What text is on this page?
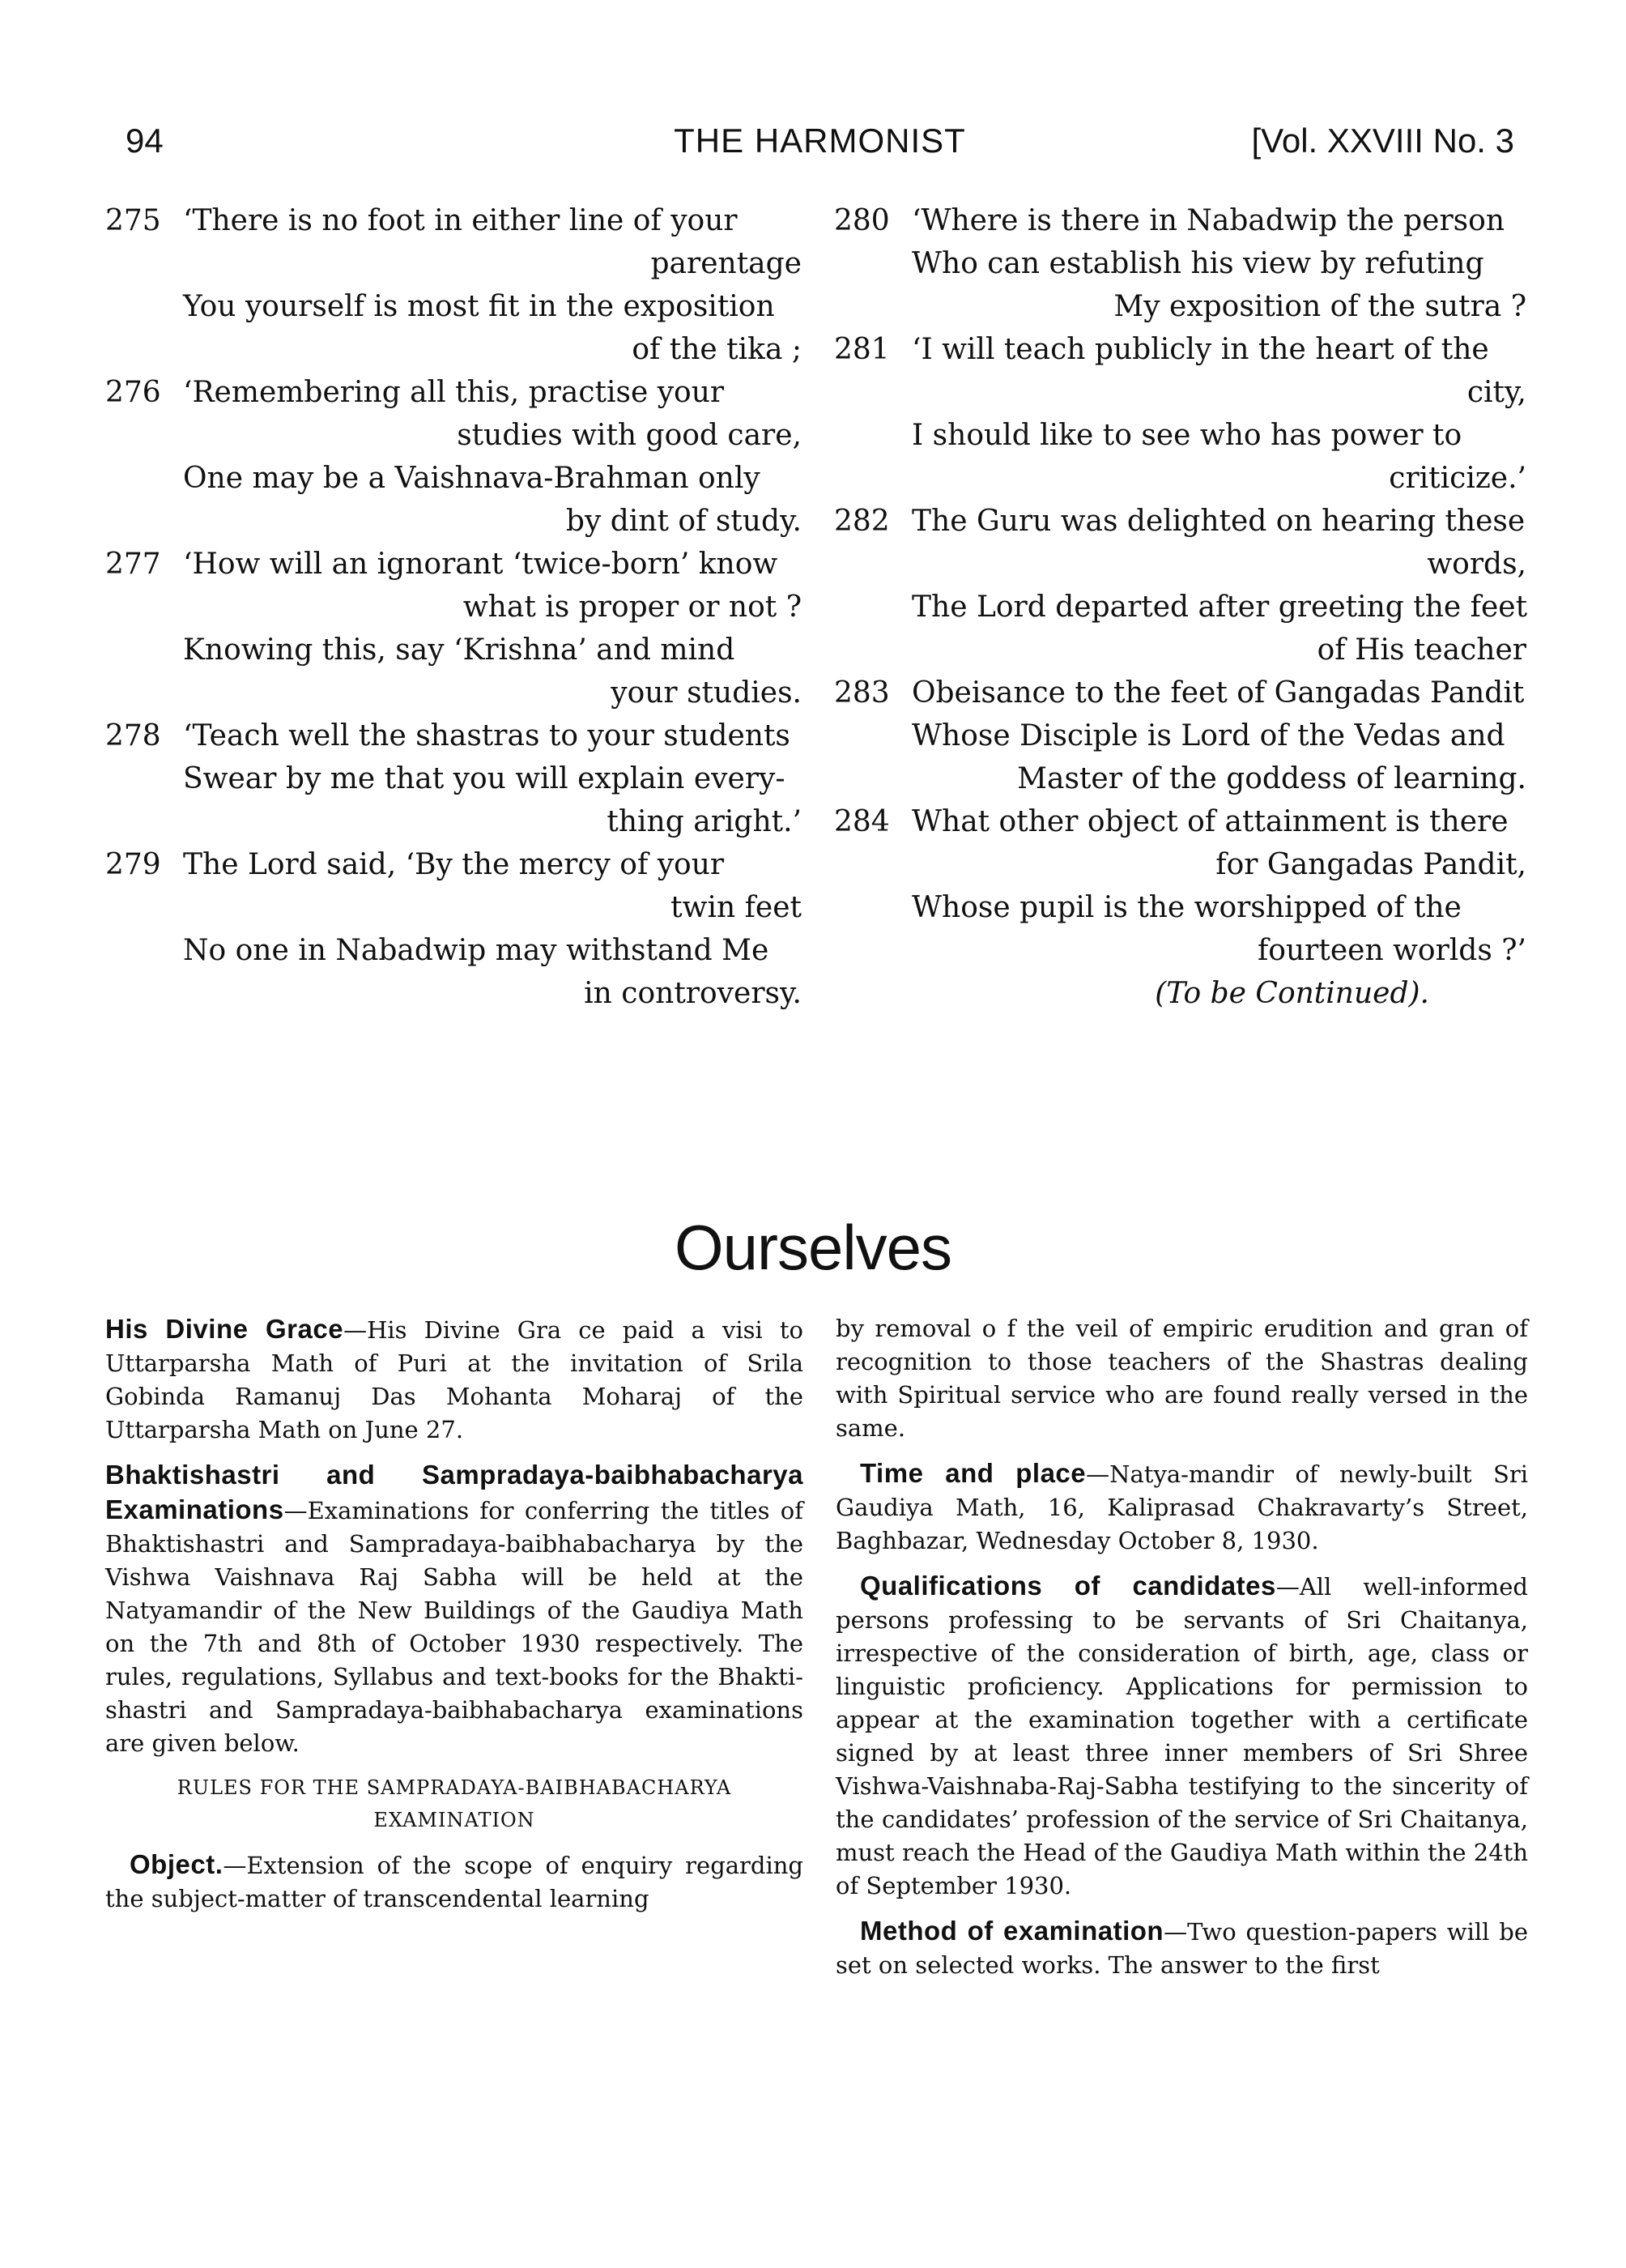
94	THE HARMONIST	[Vol. XXVIII No. 3
275 ‘There is no foot in either line of your
parentage
You yourself is most fit in the exposition
of the tika ;
276 ‘Remembering all this, practise your
studies with good care,
One may be a Vaishnava-Brahman only
by dint of study.
277 ‘How will an ignorant ‘twice-born’ know
what is proper or not ?
Knowing this, say ‘Krishna’ and mind
your studies.
278 ‘Teach well the shastras to your students
Swear by me that you will explain every-
thing aright.’
279 The Lord said, ‘By the mercy of your
twin feet
No one in Nabadwip may withstand Me
in controversy.
280 ‘Where is there in Nabadwip the person
Who can establish his view by refuting
My exposition of the sutra ?
281 ‘I will teach publicly in the heart of the
city,
I should like to see who has power to
criticize.’
282 The Guru was delighted on hearing these
words,
The Lord departed after greeting the feet
of His teacher
283 Obeisance to the feet of Gangadas Pandit
Whose Disciple is Lord of the Vedas and
Master of the goddess of learning.
284 What other object of attainment is there
for Gangadas Pandit,
Whose pupil is the worshipped of the
fourteen worlds ?’
(To be Continued).
Ourselves

His Divine Grace—His Divine Gra ce paid a visi to Uttarparsha Math of Puri at the invitation of Srila Gobinda Ramanuj Das Mohanta Moharaj of the Uttarparsha Math on June 27.

Bhaktishastri and Sampradaya-baibhabacharya Examinations—Examinations for conferring the titles of Bhaktishastri and Sampradaya-baibhabacharya by the Vishwa Vaishnava Raj Sabha will be held at the Natyamandir of the New Buildings of the Gaudiya Math on the 7th and 8th of October 1930 respectively. The rules, regulations, Syllabus and text-books for the Bhakti-shastri and Sampradaya-baibhabacharya examinations are given below.

RULES FOR THE SAMPRADAYA-BAIBHABACHARYA
EXAMINATION

Object.—Extension of the scope of enquiry regarding the subject-matter of transcendental learning

by removal o f the veil of empiric erudition and gran of recognition to those teachers of the Shastras dealing with Spiritual service who are found really versed in the same.

Time and place—Natya-mandir of newly-built Sri Gaudiya Math, 16, Kaliprasad Chakravarty’s Street, Baghbazar, Wednesday October 8, 1930.

Qualifications of candidates—All well-informed persons professing to be servants of Sri Chaitanya, irrespective of the consideration of birth, age, class or linguistic proficiency. Applications for permission to appear at the examination together with a certificate signed by at least three inner members of Sri Shree Vishwa-Vaishnaba-Raj-Sabha testifying to the sincerity of the candidates’ profession of the service of Sri Chaitanya, must reach the Head of the Gaudiya Math within the 24th of September 1930.

Method of examination—Two question-papers will be set on selected works. The answer to the first
